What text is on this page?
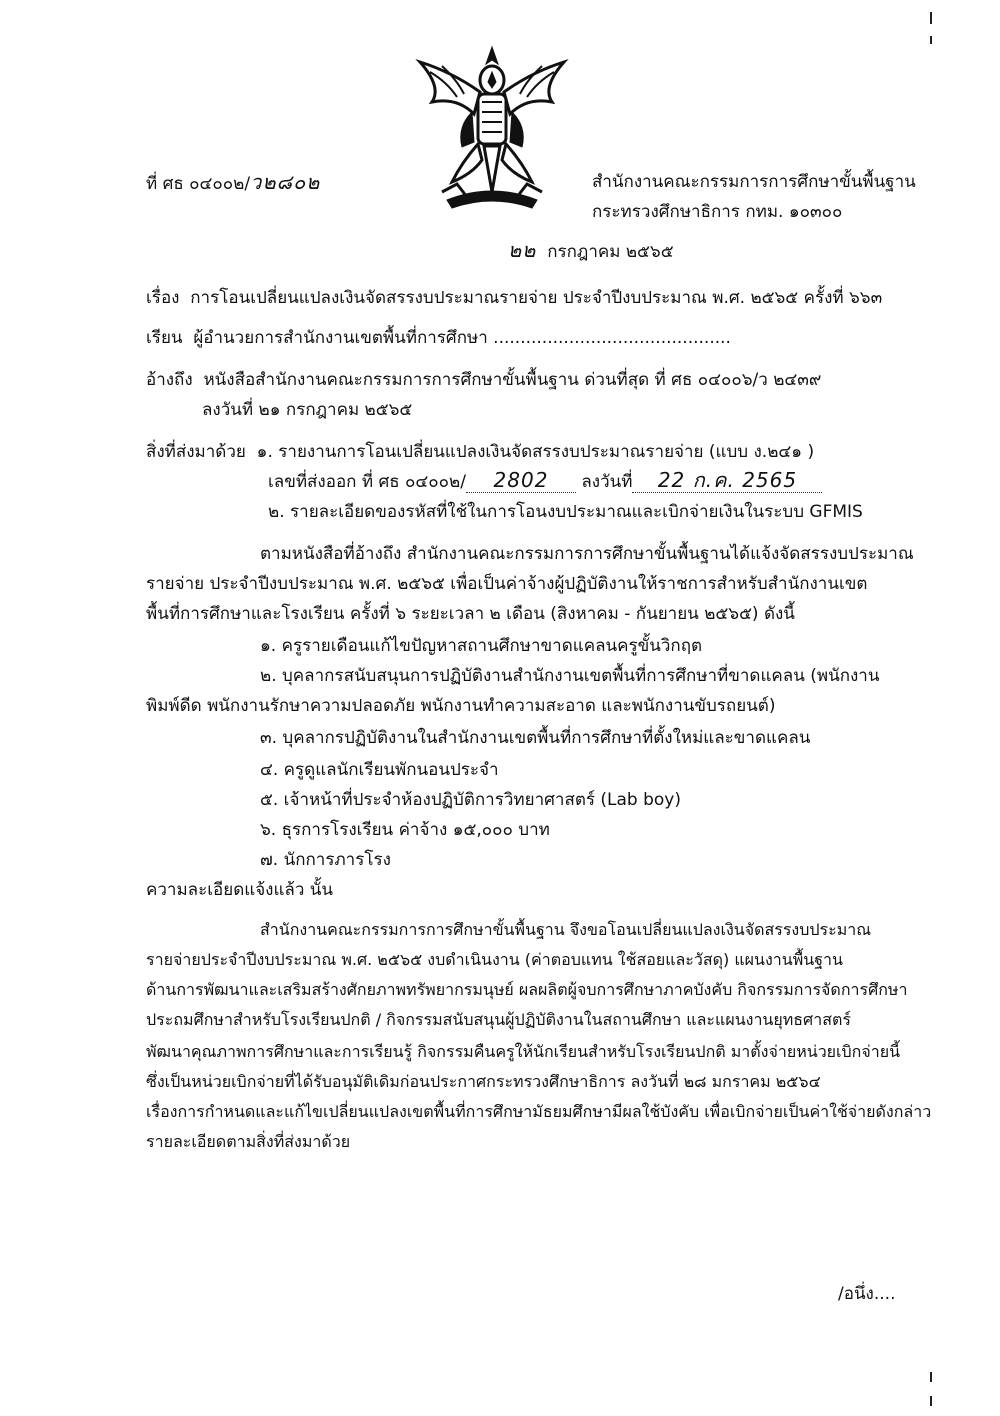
ที่ ศธ ๐๔๐๐๒/ว๒๘๐๒	สำนักงานคณะกรรมการการศึกษาขั้นพื้นฐาน
กระทรวงศึกษาธิการ กทม. ๑๐๓๐๐
๒๒ กรกฎาคม ๒๕๖๕
เรื่อง การโอนเปลี่ยนแปลงเงินจัดสรรงบประมาณรายจ่าย ประจำปีงบประมาณ พ.ศ. ๒๕๖๕ ครั้งที่ ๖๖๓
เรียน ผู้อำนวยการสำนักงานเขตพื้นที่การศึกษา ............................................
อ้างถึง หนังสือสำนักงานคณะกรรมการการศึกษาขั้นพื้นฐาน ด่วนที่สุด ที่ ศธ ๐๔๐๐๖/ว ๒๔๓๙
ลงวันที่ ๒๑ กรกฎาคม ๒๕๖๕
สิ่งที่ส่งมาด้วย ๑. รายงานการโอนเปลี่ยนแปลงเงินจัดสรรงบประมาณรายจ่าย (แบบ ง.๒๔๑ )
เลขที่ส่งออก ที่ ศธ ๐๔๐๐๒/ 2802 ลงวันที่ 22 ก.ค. 2565
๒. รายละเอียดของรหัสที่ใช้ในการโอนงบประมาณและเบิกจ่ายเงินในระบบ GFMIS
ตามหนังสือที่อ้างถึง สำนักงานคณะกรรมการการศึกษาขั้นพื้นฐานได้แจ้งจัดสรรงบประมาณ
รายจ่าย ประจำปีงบประมาณ พ.ศ. ๒๕๖๕ เพื่อเป็นค่าจ้างผู้ปฏิบัติงานให้ราชการสำหรับสำนักงานเขต
พื้นที่การศึกษาและโรงเรียน ครั้งที่ ๖ ระยะเวลา ๒ เดือน (สิงหาคม - กันยายน ๒๕๖๕) ดังนี้
๑. ครูรายเดือนแก้ไขปัญหาสถานศึกษาขาดแคลนครูขั้นวิกฤต
๒. บุคลากรสนับสนุนการปฏิบัติงานสำนักงานเขตพื้นที่การศึกษาที่ขาดแคลน (พนักงาน
พิมพ์ดีด พนักงานรักษาความปลอดภัย พนักงานทำความสะอาด และพนักงานขับรถยนต์)
๓. บุคลากรปฏิบัติงานในสำนักงานเขตพื้นที่การศึกษาที่ตั้งใหม่และขาดแคลน
๔. ครูดูแลนักเรียนพักนอนประจำ
๕. เจ้าหน้าที่ประจำห้องปฏิบัติการวิทยาศาสตร์ (Lab boy)
๖. ธุรการโรงเรียน ค่าจ้าง ๑๕,๐๐๐ บาท
๗. นักการภารโรง
ความละเอียดแจ้งแล้ว นั้น
สำนักงานคณะกรรมการการศึกษาขั้นพื้นฐาน จึงขอโอนเปลี่ยนแปลงเงินจัดสรรงบประมาณ
รายจ่ายประจำปีงบประมาณ พ.ศ. ๒๕๖๕ งบดำเนินงาน (ค่าตอบแทน ใช้สอยและวัสดุ) แผนงานพื้นฐาน
ด้านการพัฒนาและเสริมสร้างศักยภาพทรัพยากรมนุษย์ ผลผลิตผู้จบการศึกษาภาคบังคับ กิจกรรมการจัดการศึกษา
ประถมศึกษาสำหรับโรงเรียนปกติ / กิจกรรมสนับสนุนผู้ปฏิบัติงานในสถานศึกษา และแผนงานยุทธศาสตร์
พัฒนาคุณภาพการศึกษาและการเรียนรู้ กิจกรรมคืนครูให้นักเรียนสำหรับโรงเรียนปกติ มาตั้งจ่ายหน่วยเบิกจ่ายนี้
ซึ่งเป็นหน่วยเบิกจ่ายที่ได้รับอนุมัติเดิมก่อนประกาศกระทรวงศึกษาธิการ ลงวันที่ ๒๘ มกราคม ๒๕๖๔
เรื่องการกำหนดและแก้ไขเปลี่ยนแปลงเขตพื้นที่การศึกษามัธยมศึกษามีผลใช้บังคับ เพื่อเบิกจ่ายเป็นค่าใช้จ่ายดังกล่าว
รายละเอียดตามสิ่งที่ส่งมาด้วย
/อนึ่ง....
